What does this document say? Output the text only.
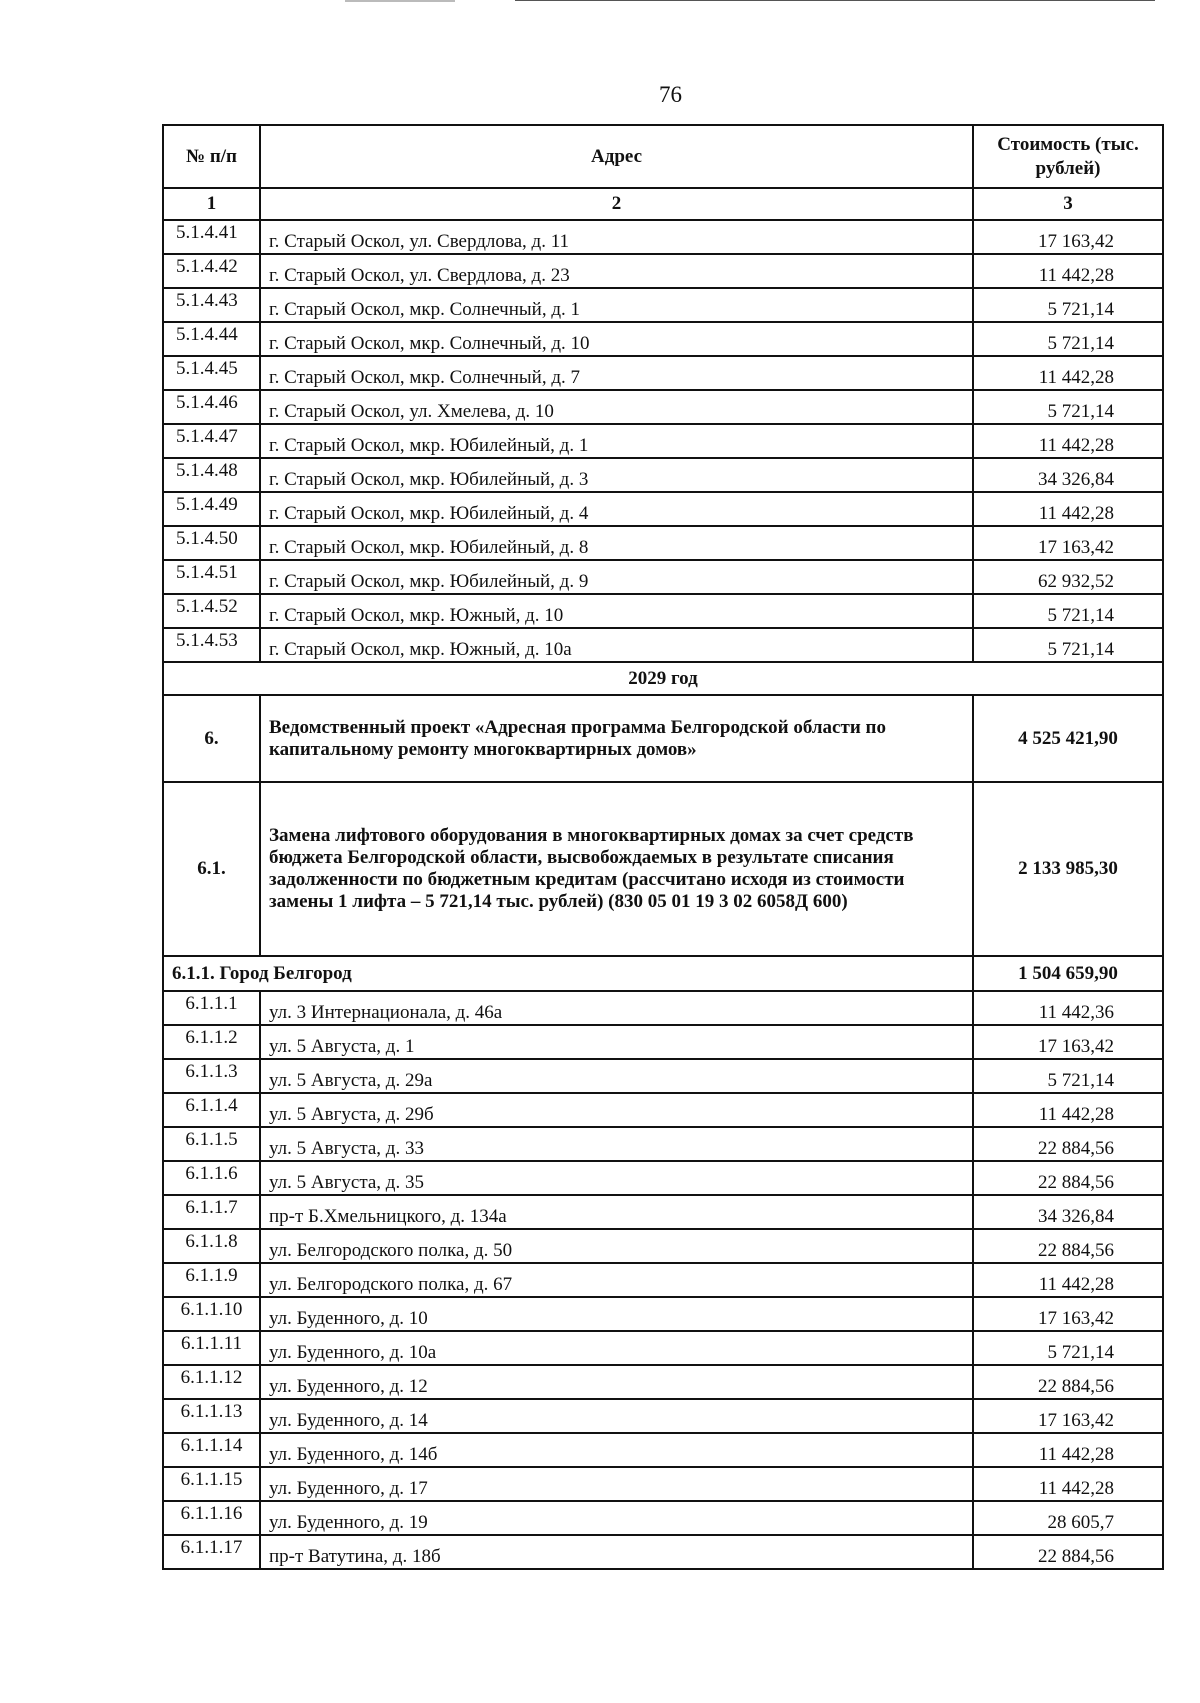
76
№ п/п	Адрес	Стоимость (тыс. рублей)
1	2	3
5.1.4.41	г. Старый Оскол, ул. Свердлова, д. 11	17 163,42
5.1.4.42	г. Старый Оскол, ул. Свердлова, д. 23	11 442,28
5.1.4.43	г. Старый Оскол, мкр. Солнечный, д. 1	5 721,14
5.1.4.44	г. Старый Оскол, мкр. Солнечный, д. 10	5 721,14
5.1.4.45	г. Старый Оскол, мкр. Солнечный, д. 7	11 442,28
5.1.4.46	г. Старый Оскол, ул. Хмелева, д. 10	5 721,14
5.1.4.47	г. Старый Оскол, мкр. Юбилейный, д. 1	11 442,28
5.1.4.48	г. Старый Оскол, мкр. Юбилейный, д. 3	34 326,84
5.1.4.49	г. Старый Оскол, мкр. Юбилейный, д. 4	11 442,28
5.1.4.50	г. Старый Оскол, мкр. Юбилейный, д. 8	17 163,42
5.1.4.51	г. Старый Оскол, мкр. Юбилейный, д. 9	62 932,52
5.1.4.52	г. Старый Оскол, мкр. Южный, д. 10	5 721,14
5.1.4.53	г. Старый Оскол, мкр. Южный, д. 10а	5 721,14
2029 год		
6.	Ведомственный проект «Адресная программа Белгородской области по капитальному ремонту многоквартирных домов»	4 525 421,90
6.1.	Замена лифтового оборудования в многоквартирных домах за счет средств бюджета Белгородской области, высвобождаемых в результате списания задолженности по бюджетным кредитам (рассчитано исходя из стоимости замены 1 лифта – 5 721,14 тыс. рублей) (830 05 01 19 3 02 6058Д 600)	2 133 985,30
6.1.1. Город Белгород		1 504 659,90
6.1.1.1	ул. 3 Интернационала, д. 46а	11 442,36
6.1.1.2	ул. 5 Августа, д. 1	17 163,42
6.1.1.3	ул. 5 Августа, д. 29а	5 721,14
6.1.1.4	ул. 5 Августа, д. 29б	11 442,28
6.1.1.5	ул. 5 Августа, д. 33	22 884,56
6.1.1.6	ул. 5 Августа, д. 35	22 884,56
6.1.1.7	пр-т Б.Хмельницкого, д. 134а	34 326,84
6.1.1.8	ул. Белгородского полка, д. 50	22 884,56
6.1.1.9	ул. Белгородского полка, д. 67	11 442,28
6.1.1.10	ул. Буденного, д. 10	17 163,42
6.1.1.11	ул. Буденного, д. 10а	5 721,14
6.1.1.12	ул. Буденного, д. 12	22 884,56
6.1.1.13	ул. Буденного, д. 14	17 163,42
6.1.1.14	ул. Буденного, д. 14б	11 442,28
6.1.1.15	ул. Буденного, д. 17	11 442,28
6.1.1.16	ул. Буденного, д. 19	28 605,7
6.1.1.17	пр-т Ватутина, д. 18б	22 884,56
